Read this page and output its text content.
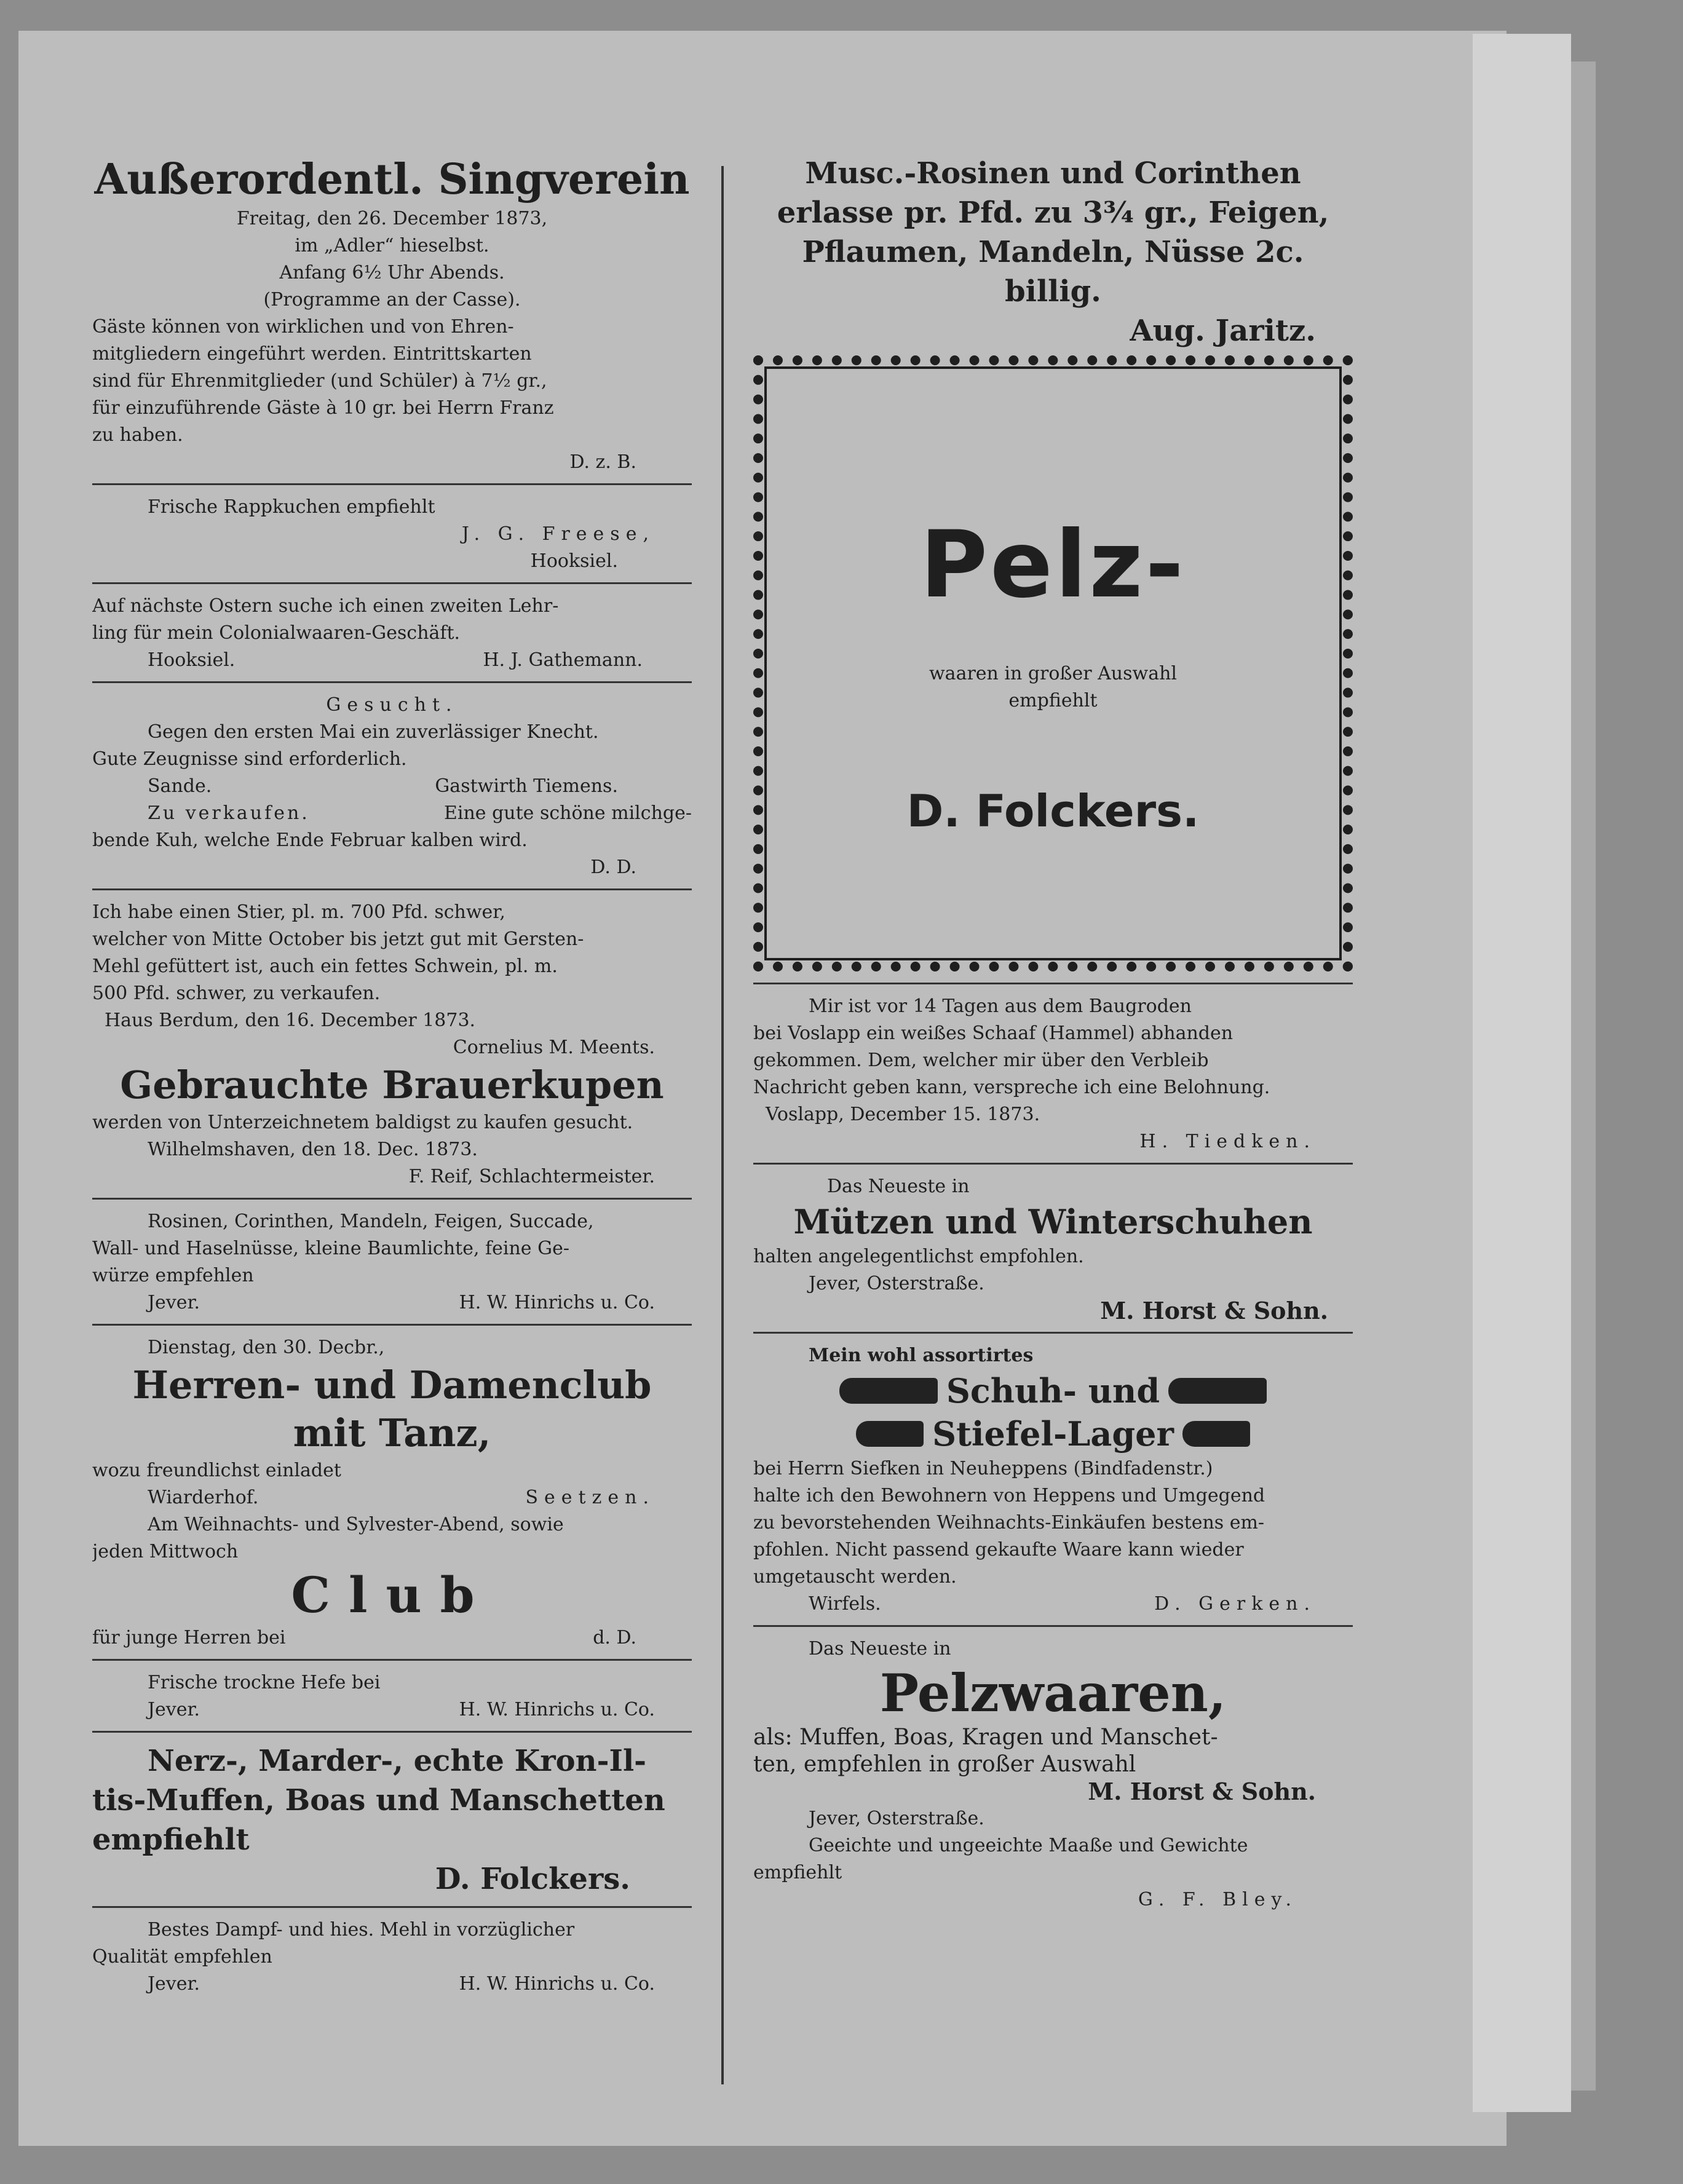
Außerordentl. Singverein
Freitag, den 26. December 1873,
im „Adler“ hieselbst.
Anfang 6½ Uhr Abends.
(Programme an der Casse).
Gäste können von wirklichen und von Ehren-
mitgliedern eingeführt werden. Eintrittskarten
sind für Ehrenmitglieder (und Schüler) à 7½ gr.,
für einzuführende Gäste à 10 gr. bei Herrn Franz
zu haben.
D. z. B.
Frische Rappkuchen empfiehlt
J. G. Freese,
Hooksiel.
Auf nächste Ostern suche ich einen zweiten Lehr-
ling für mein Colonialwaaren-Geschäft.
Hooksiel.	H. J. Gathemann.
Gesucht.
Gegen den ersten Mai ein zuverlässiger Knecht.
Gute Zeugnisse sind erforderlich.
Sande.	Gastwirth Tiemens.
Zu verkaufen.	Eine gute schöne milchge-
bende Kuh, welche Ende Februar kalben wird.
D. D.
Ich habe einen Stier, pl. m. 700 Pfd. schwer,
welcher von Mitte October bis jetzt gut mit Gersten-
Mehl gefüttert ist, auch ein fettes Schwein, pl. m.
500 Pfd. schwer, zu verkaufen.
Haus Berdum, den 16. December 1873.
Cornelius M. Meents.
Gebrauchte Brauerkupen
werden von Unterzeichnetem baldigst zu kaufen gesucht.
Wilhelmshaven, den 18. Dec. 1873.
F. Reif, Schlachtermeister.
Rosinen, Corinthen, Mandeln, Feigen, Succade,
Wall- und Haselnüsse, kleine Baumlichte, feine Ge-
würze empfehlen
Jever.	H. W. Hinrichs u. Co.
Dienstag, den 30. Decbr.,
Herren- und Damenclub
mit Tanz,
wozu freundlichst einladet
Wiarderhof.	Seetzen.
Am Weihnachts- und Sylvester-Abend, sowie
jeden Mittwoch
Club
für junge Herren bei	d. D.
Frische trockne Hefe bei
Jever.	H. W. Hinrichs u. Co.
Nerz-, Marder-, echte Kron-Il-
tis-Muffen, Boas und Manschetten
empfiehlt
D. Folckers.
Bestes Dampf- und hies. Mehl in vorzüglicher
Qualität empfehlen
Jever.	H. W. Hinrichs u. Co.
Musc.-Rosinen und Corinthen
erlasse pr. Pfd. zu 3¾ gr., Feigen,
Pflaumen, Mandeln, Nüsse 2c. billig.
Aug. Jaritz.
Pelz-
waaren in großer Auswahl
empfiehlt
D. Folckers.
Mir ist vor 14 Tagen aus dem Baugroden
bei Voslapp ein weißes Schaaf (Hammel) abhanden
gekommen. Dem, welcher mir über den Verbleib
Nachricht geben kann, verspreche ich eine Belohnung.
Voslapp, December 15. 1873.
H. Tiedken.
Das Neueste in
Mützen und Winterschuhen
halten angelegentlichst empfohlen.
Jever, Osterstraße.
M. Horst & Sohn.
Mein wohl assortirtes
Schuh- und
Stiefel-Lager
bei Herrn Siefken in Neuheppens (Bindfadenstr.)
halte ich den Bewohnern von Heppens und Umgegend
zu bevorstehenden Weihnachts-Einkäufen bestens em-
pfohlen. Nicht passend gekaufte Waare kann wieder
umgetauscht werden.
Wirfels.	D. Gerken.
Das Neueste in
Pelzwaaren,
als: Muffen, Boas, Kragen und Manschet-
ten, empfehlen in großer Auswahl
M. Horst & Sohn.
Jever, Osterstraße.
Geeichte und ungeeichte Maaße und Gewichte
empfiehlt
G. F. Bley.
